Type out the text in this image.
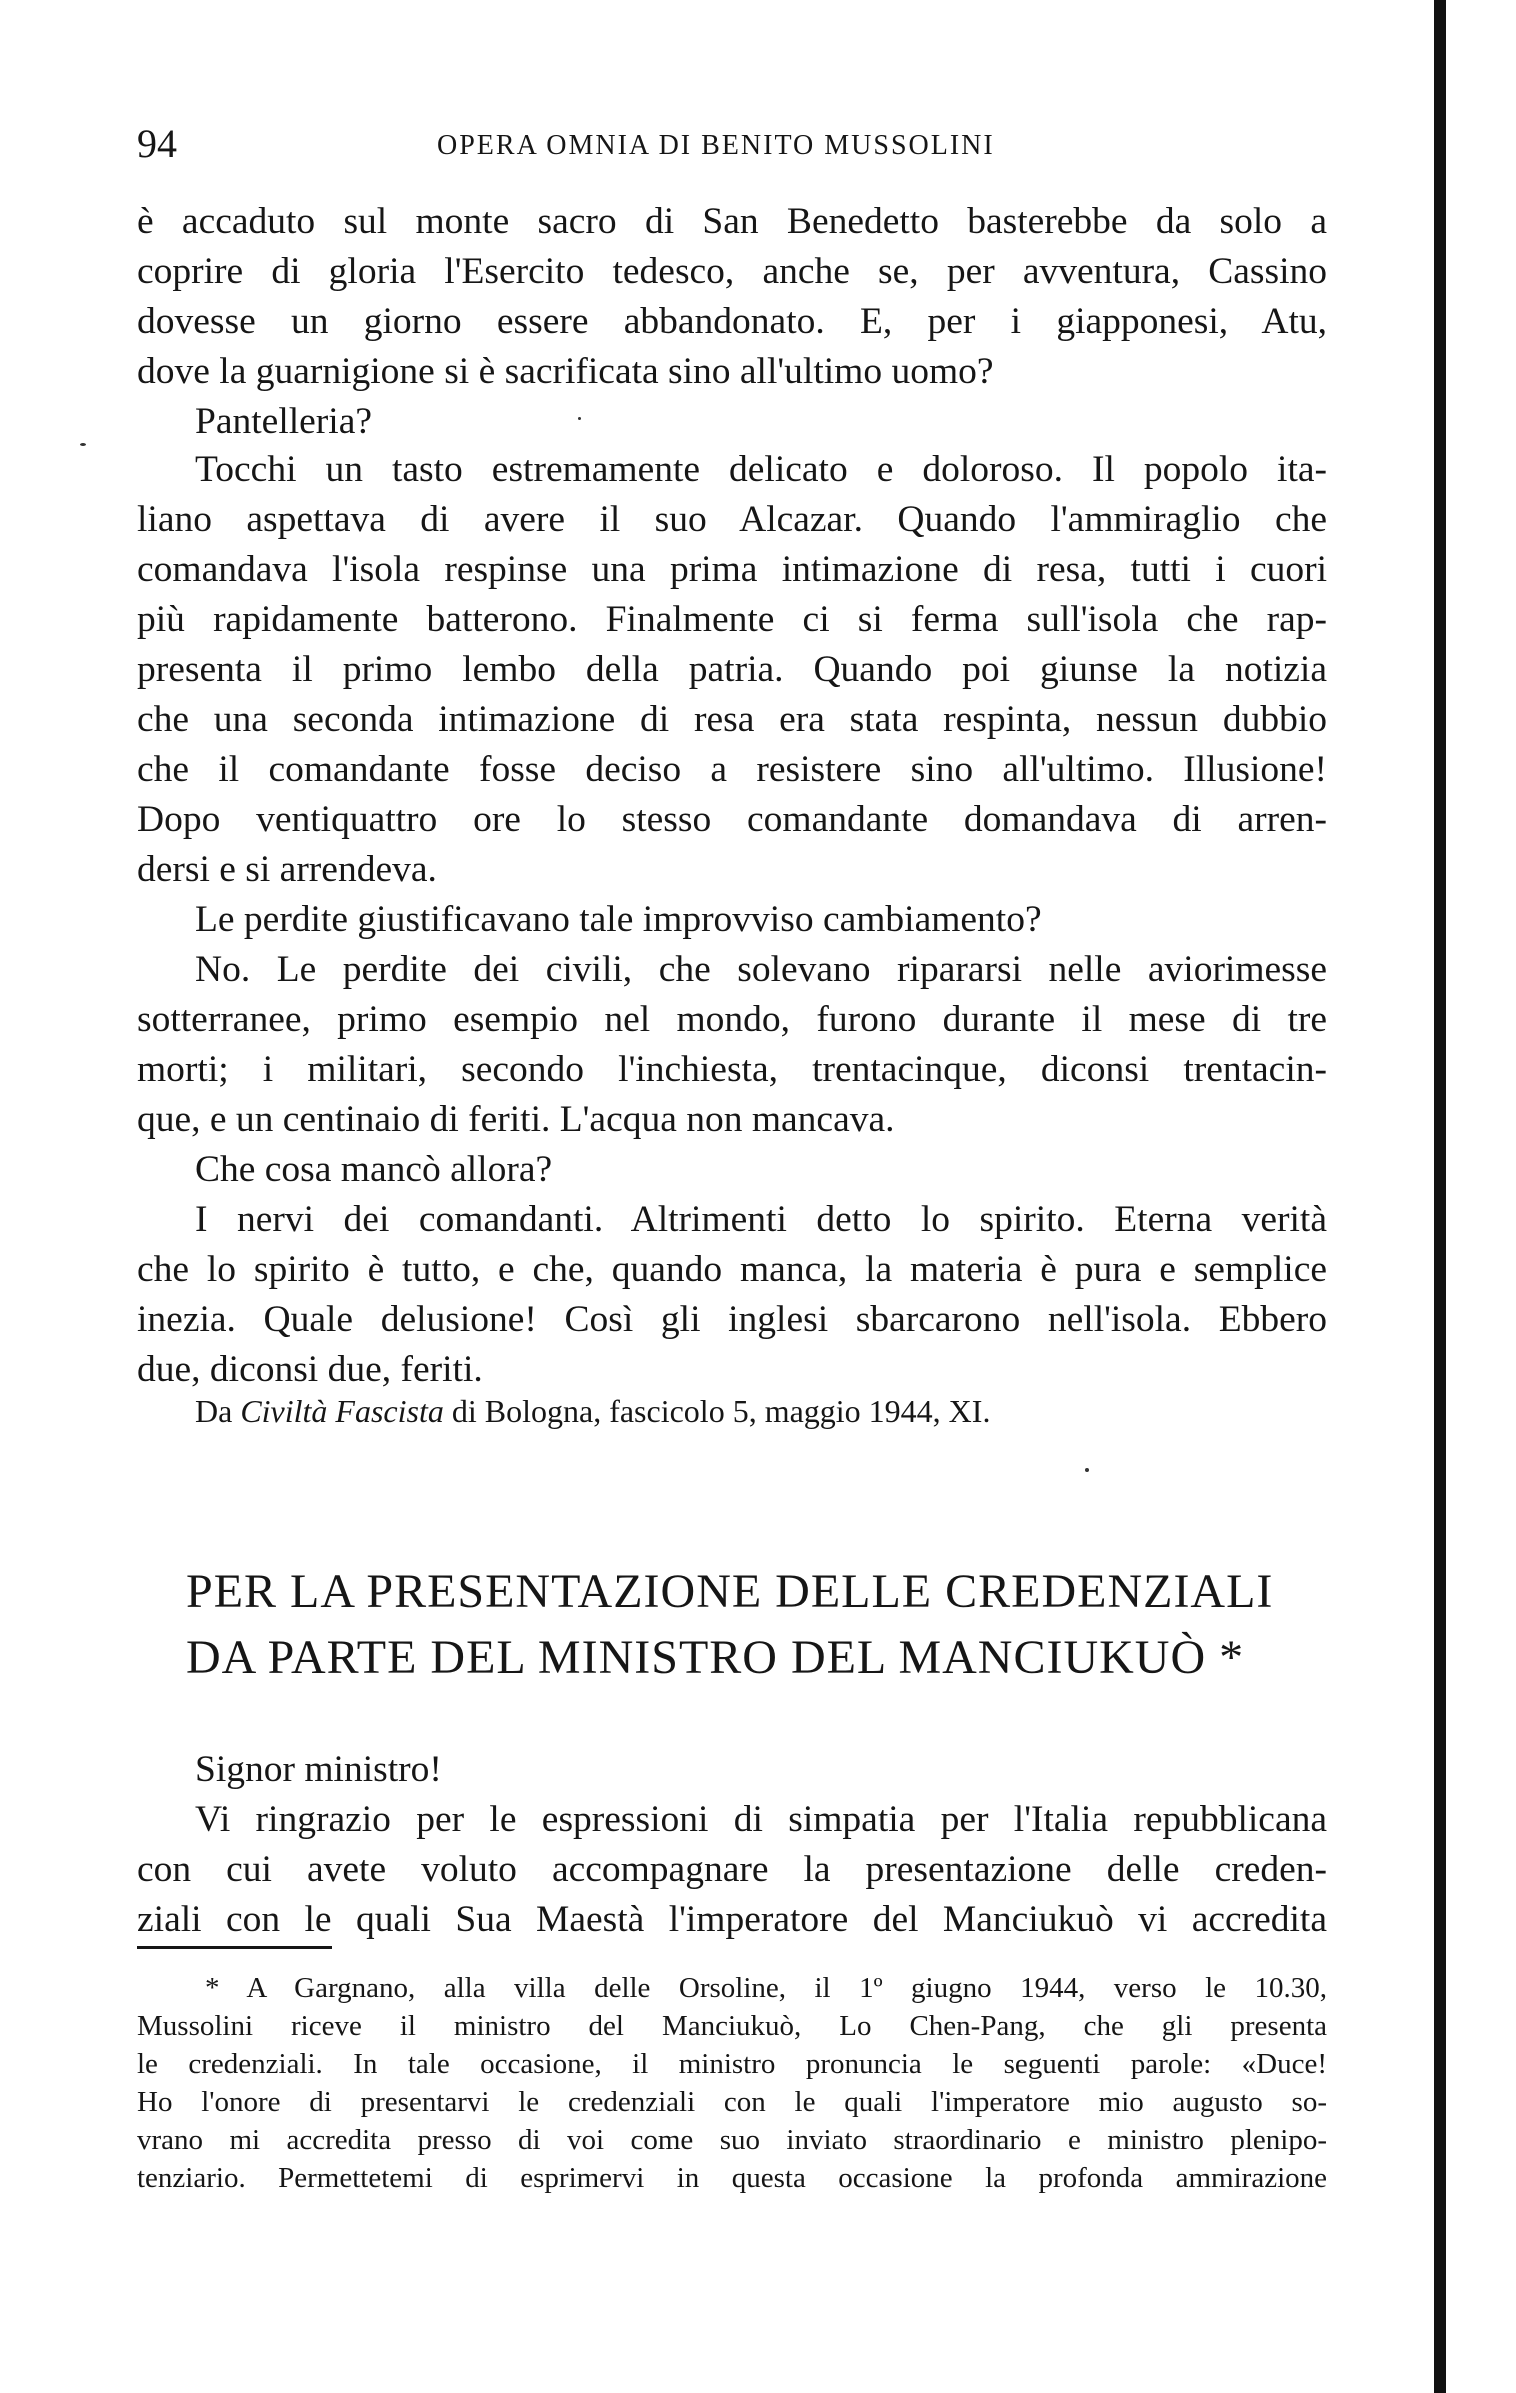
94	OPERA OMNIA DI BENITO MUSSOLINI
è accaduto sul monte sacro di San Benedetto basterebbe da solo a
coprire di gloria l'Esercito tedesco, anche se, per avventura, Cassino
dovesse un giorno essere abbandonato. E, per i giapponesi, Atu,
dove la guarnigione si è sacrificata sino all'ultimo uomo?
Pantelleria?
Tocchi un tasto estremamente delicato e doloroso. Il popolo ita-
liano aspettava di avere il suo Alcazar. Quando l'ammiraglio che
comandava l'isola respinse una prima intimazione di resa, tutti i cuori
più rapidamente batterono. Finalmente ci si ferma sull'isola che rap-
presenta il primo lembo della patria. Quando poi giunse la notizia
che una seconda intimazione di resa era stata respinta, nessun dubbio
che il comandante fosse deciso a resistere sino all'ultimo. Illusione!
Dopo ventiquattro ore lo stesso comandante domandava di arren-
dersi e si arrendeva.
Le perdite giustificavano tale improvviso cambiamento?
No. Le perdite dei civili, che solevano ripararsi nelle aviorimesse
sotterranee, primo esempio nel mondo, furono durante il mese di tre
morti; i militari, secondo l'inchiesta, trentacinque, diconsi trentacin-
que, e un centinaio di feriti. L'acqua non mancava.
Che cosa mancò allora?
I nervi dei comandanti. Altrimenti detto lo spirito. Eterna verità
che lo spirito è tutto, e che, quando manca, la materia è pura e semplice
inezia. Quale delusione! Così gli inglesi sbarcarono nell'isola. Ebbero
due, diconsi due, feriti.
Da Civiltà Fascista di Bologna, fascicolo 5, maggio 1944, XI.
PER LA PRESENTAZIONE DELLE CREDENZIALI
DA PARTE DEL MINISTRO DEL MANCIUKUÒ *
Signor ministro!
Vi ringrazio per le espressioni di simpatia per l'Italia repubblicana
con cui avete voluto accompagnare la presentazione delle creden-
ziali con le quali Sua Maestà l'imperatore del Manciukuò vi accredita
* A Gargnano, alla villa delle Orsoline, il 1º giugno 1944, verso le 10.30,
Mussolini riceve il ministro del Manciukuò, Lo Chen-Pang, che gli presenta
le credenziali. In tale occasione, il ministro pronuncia le seguenti parole: «Duce!
Ho l'onore di presentarvi le credenziali con le quali l'imperatore mio augusto so-
vrano mi accredita presso di voi come suo inviato straordinario e ministro plenipo-
tenziario. Permettetemi di esprimervi in questa occasione la profonda ammirazione
